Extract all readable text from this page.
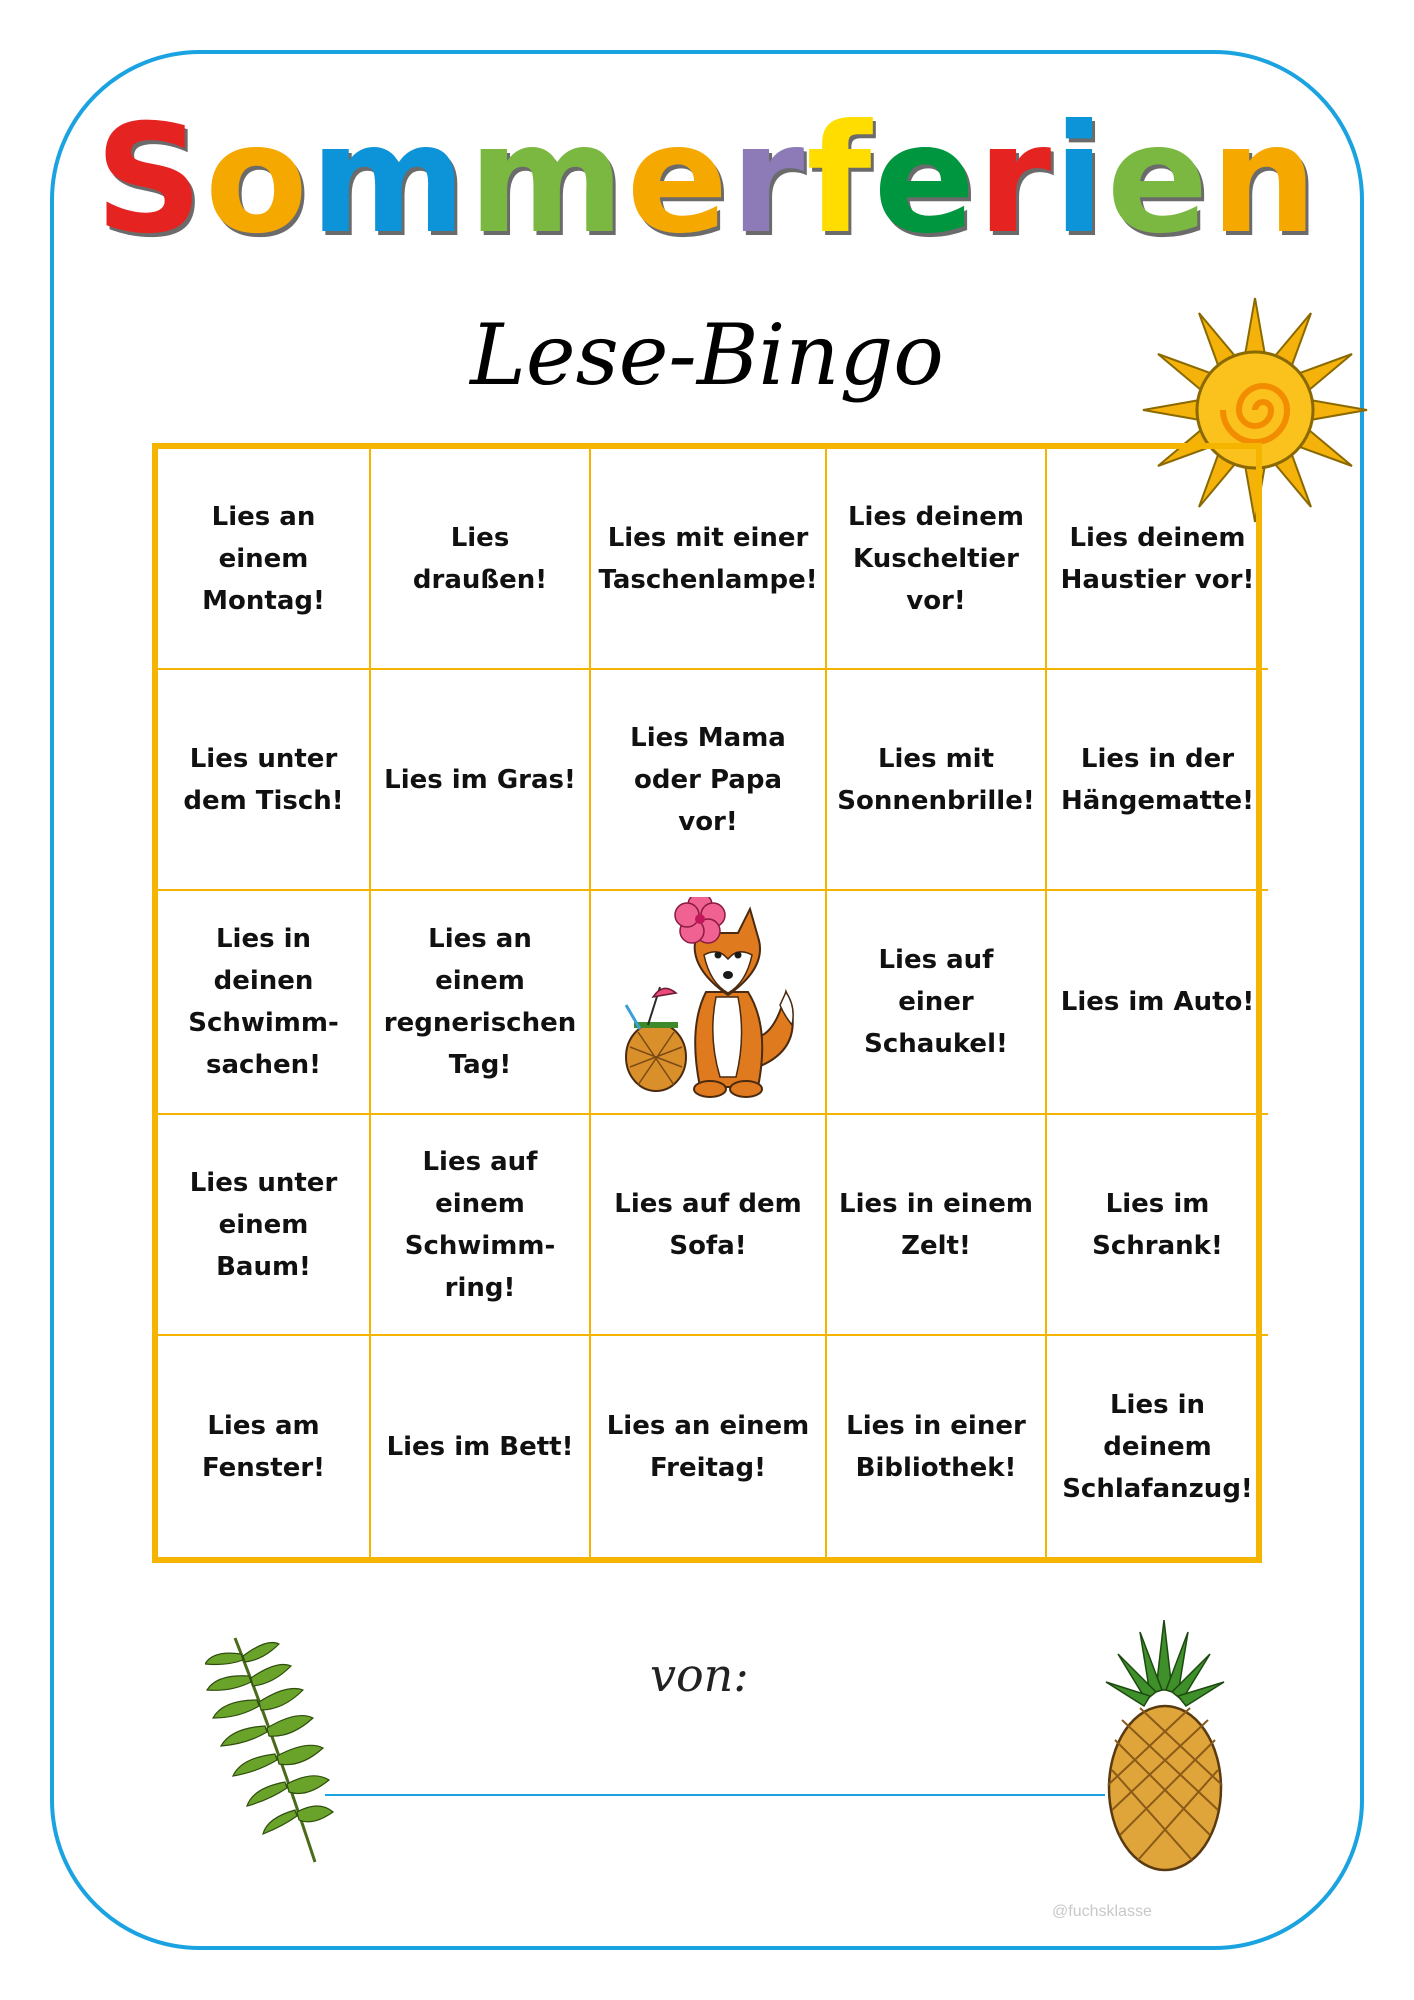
Sommerferien
Lese-Bingo
Lies an einem Montag!
Lies draußen!
Lies mit einer Taschenlampe!
Lies deinem Kuscheltier vor!
Lies deinem Haustier vor!
Lies unter dem Tisch!
Lies im Gras!
Lies Mama oder Papa vor!
Lies mit Sonnenbrille!
Lies in der Hängematte!
Lies in deinen Schwimm-sachen!
Lies an einem regnerischen Tag!
Lies auf einer Schaukel!
Lies im Auto!
Lies unter einem Baum!
Lies auf einem Schwimm-ring!
Lies auf dem Sofa!
Lies in einem Zelt!
Lies im Schrank!
Lies am Fenster!
Lies im Bett!
Lies an einem Freitag!
Lies in einer Bibliothek!
Lies in deinem Schlafanzug!
von:
@fuchsklasse
